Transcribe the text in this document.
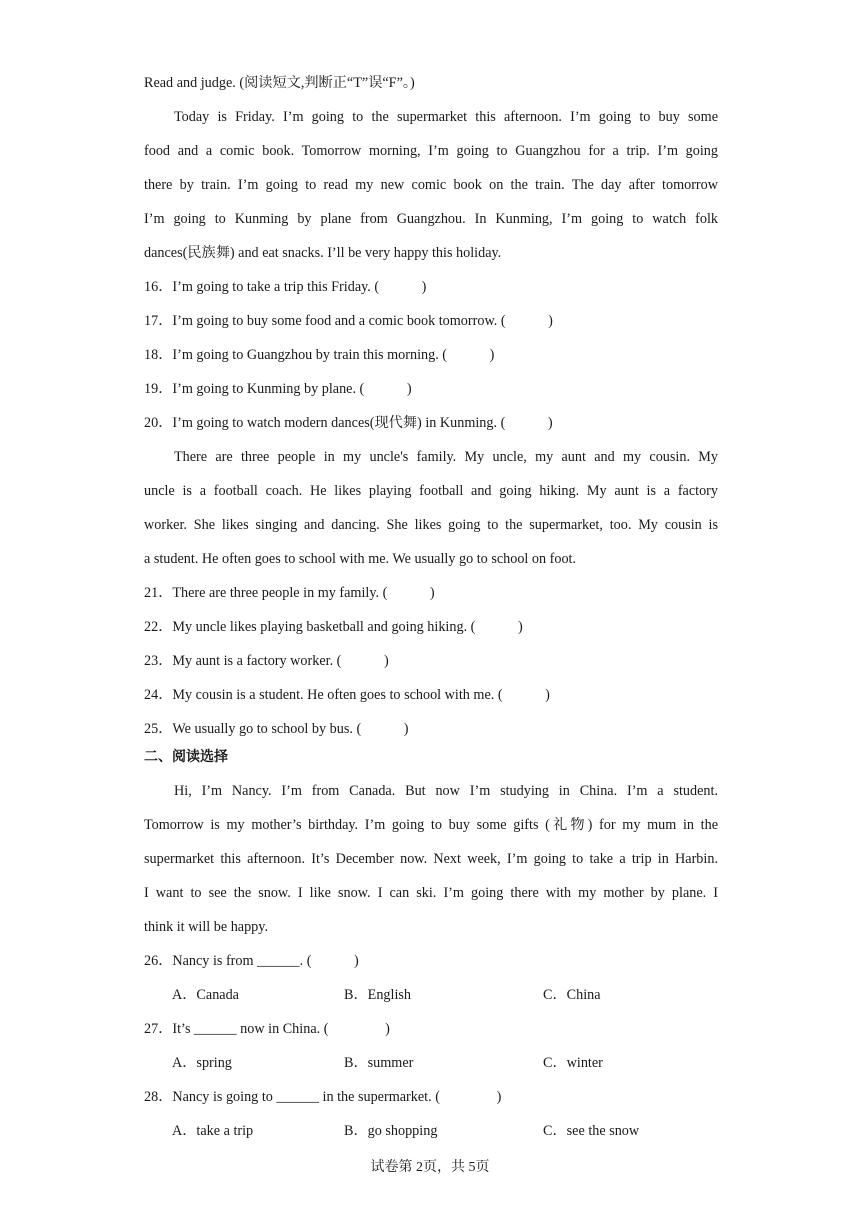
Read and judge. (阅读短文,判断正“T”误“F”。)
Today is Friday. I’m going to the supermarket this afternoon. I’m going to buy some
food and a comic book. Tomorrow morning, I’m going to Guangzhou for a trip. I’m going
there by train. I’m going to read my new comic book on the train. The day after tomorrow
I’m going to Kunming by plane from Guangzhou. In Kunming, I’m going to watch folk
dances(民族舞) and eat snacks. I’ll be very happy this holiday.
16．I’m going to take a trip this Friday. (　　　)
17．I’m going to buy some food and a comic book tomorrow. (　　　)
18．I’m going to Guangzhou by train this morning. (　　　)
19．I’m going to Kunming by plane. (　　　)
20．I’m going to watch modern dances(现代舞) in Kunming. (　　　)
There are three people in my uncle's family. My uncle, my aunt and my cousin. My
uncle is a football coach. He likes playing football and going hiking. My aunt is a factory
worker. She likes singing and dancing. She likes going to the supermarket, too. My cousin is
a student. He often goes to school with me. We usually go to school on foot.
21．There are three people in my family. (　　　)
22．My uncle likes playing basketball and going hiking. (　　　)
23．My aunt is a factory worker. (　　　)
24．My cousin is a student. He often goes to school with me. (　　　)
25．We usually go to school by bus. (　　　)
二、阅读选择
Hi, I’m Nancy. I’m from Canada. But now I’m studying in China. I’m a student.
Tomorrow is my mother’s birthday. I’m going to buy some gifts (礼物) for my mum in the
supermarket this afternoon. It’s December now. Next week, I’m going to take a trip in Harbin.
I want to see the snow. I like snow. I can ski. I’m going there with my mother by plane. I
think it will be happy.
26．Nancy is from ______. (　　　)
A．Canada	B．English	C．China
27．It’s ______ now in China. (　　　　)
A．spring	B．summer	C．winter
28．Nancy is going to ______ in the supermarket. (　　　　)
A．take a trip	B．go shopping	C．see the snow
试卷第 2页，共 5页
